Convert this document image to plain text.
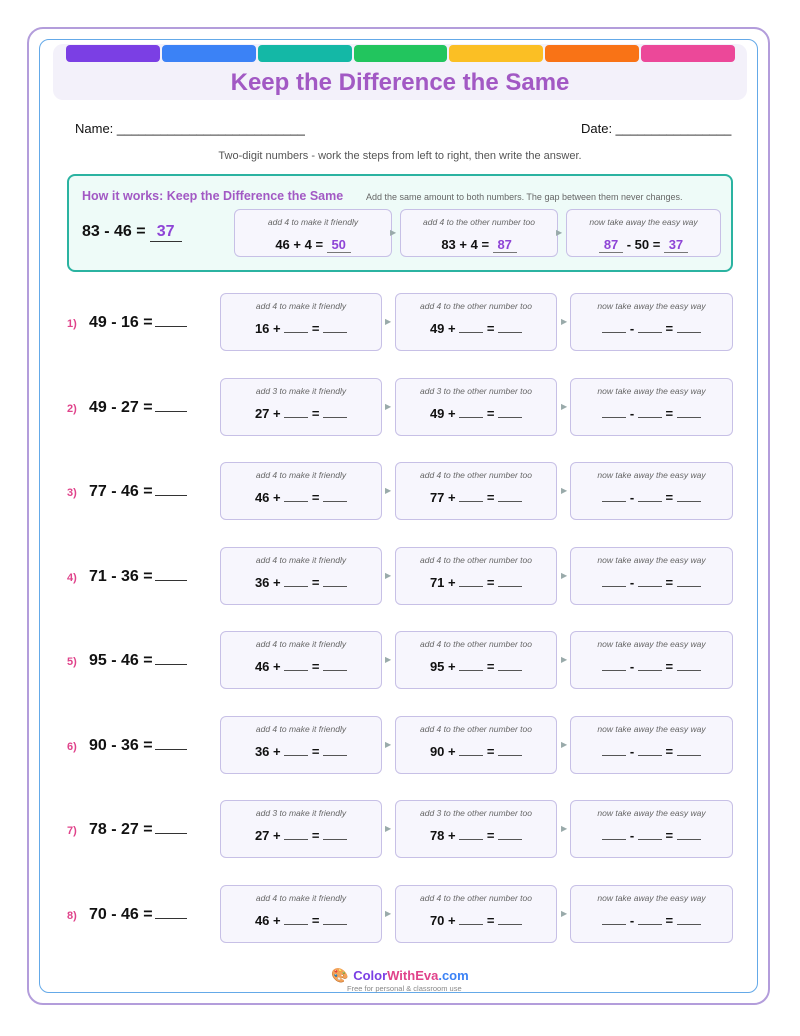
Keep the Difference the Same
Name: __________________________	Date: ________________
Two-digit numbers - work the steps from left to right, then write the answer.
How it works: Keep the Difference the Same	Add the same amount to both numbers. The gap between them never changes.
83 - 46 = 37
add 4 to make it friendly
46 + 4 = 50
▶
add 4 to the other number too
83 + 4 = 87
▶
now take away the easy way
87 - 50 = 37
1) 49 - 16 =
add 4 to make it friendly
16 +  =	▶
add 4 to the other number too
49 +  =	▶
now take away the easy way
-  =
2) 49 - 27 =
add 3 to make it friendly
27 +  =	▶
add 3 to the other number too
49 +  =	▶
now take away the easy way
-  =
3) 77 - 46 =
add 4 to make it friendly
46 +  =	▶
add 4 to the other number too
77 +  =	▶
now take away the easy way
-  =
4) 71 - 36 =
add 4 to make it friendly
36 +  =	▶
add 4 to the other number too
71 +  =	▶
now take away the easy way
-  =
5) 95 - 46 =
add 4 to make it friendly
46 +  =	▶
add 4 to the other number too
95 +  =	▶
now take away the easy way
-  =
6) 90 - 36 =
add 4 to make it friendly
36 +  =	▶
add 4 to the other number too
90 +  =	▶
now take away the easy way
-  =
7) 78 - 27 =
add 3 to make it friendly
27 +  =	▶
add 3 to the other number too
78 +  =	▶
now take away the easy way
-  =
8) 70 - 46 =
add 4 to make it friendly
46 +  =	▶
add 4 to the other number too
70 +  =	▶
now take away the easy way
-  =
🎨 ColorWithEva.com
Free for personal & classroom use
